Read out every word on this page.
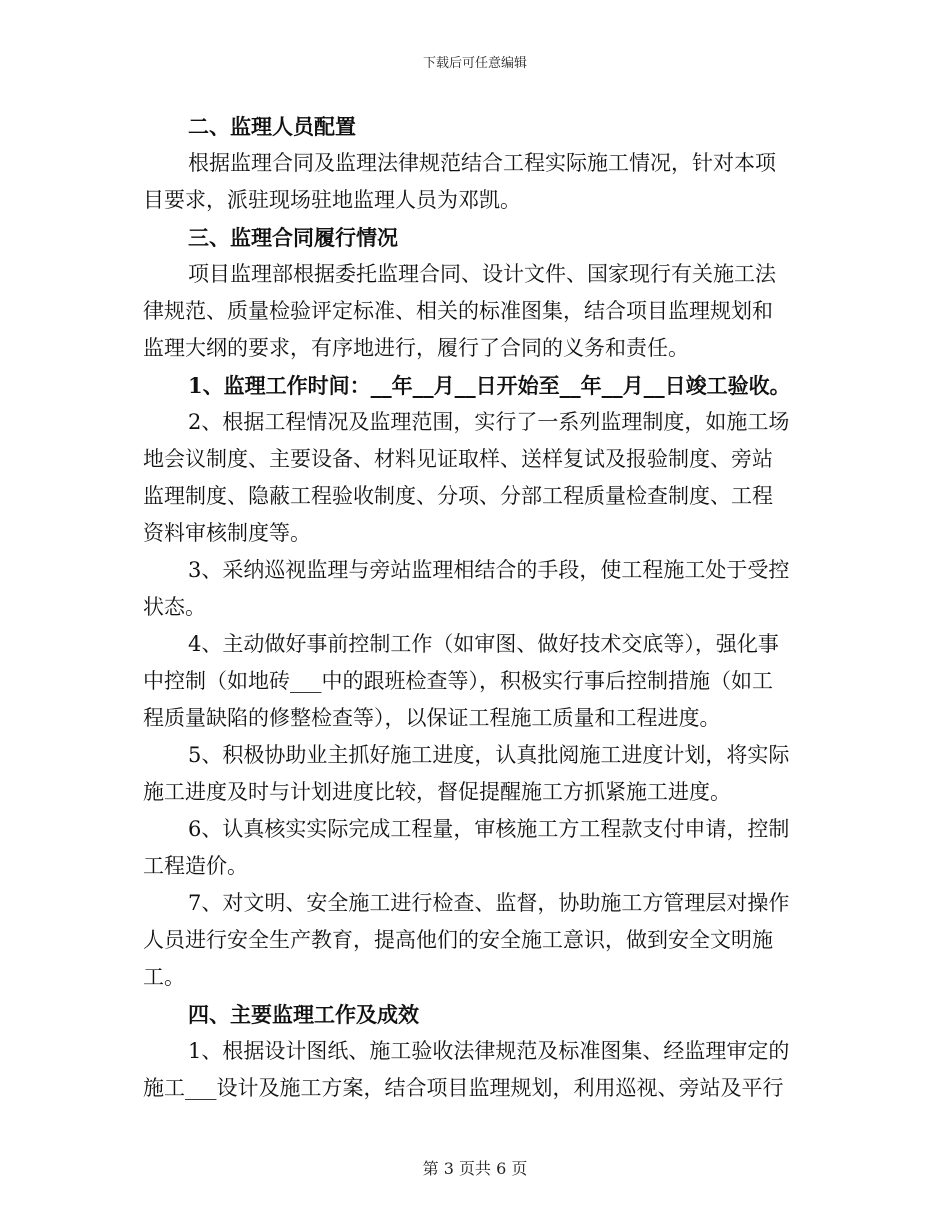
下载后可任意编辑
二、监理人员配置
根据监理合同及监理法律规范结合工程实际施工情况，针对本项
目要求，派驻现场驻地监理人员为邓凯。
三、监理合同履行情况
项目监理部根据委托监理合同、设计文件、国家现行有关施工法
律规范、质量检验评定标准、相关的标准图集，结合项目监理规划和
监理大纲的要求，有序地进行，履行了合同的义务和责任。
1、监理工作时间：__年__月__日开始至__年__月__日竣工验收。
2、根据工程情况及监理范围，实行了一系列监理制度，如施工场
地会议制度、主要设备、材料见证取样、送样复试及报验制度、旁站
监理制度、隐蔽工程验收制度、分项、分部工程质量检查制度、工程
资料审核制度等。
3、采纳巡视监理与旁站监理相结合的手段，使工程施工处于受控
状态。
4、主动做好事前控制工作（如审图、做好技术交底等），强化事
中控制（如地砖___中的跟班检查等），积极实行事后控制措施（如工
程质量缺陷的修整检查等），以保证工程施工质量和工程进度。
5、积极协助业主抓好施工进度，认真批阅施工进度计划，将实际
施工进度及时与计划进度比较，督促提醒施工方抓紧施工进度。
6、认真核实实际完成工程量，审核施工方工程款支付申请，控制
工程造价。
7、对文明、安全施工进行检查、监督，协助施工方管理层对操作
人员进行安全生产教育，提高他们的安全施工意识，做到安全文明施
工。
四、主要监理工作及成效
1、根据设计图纸、施工验收法律规范及标准图集、经监理审定的
施工___设计及施工方案，结合项目监理规划，利用巡视、旁站及平行
第 3 页共 6 页
